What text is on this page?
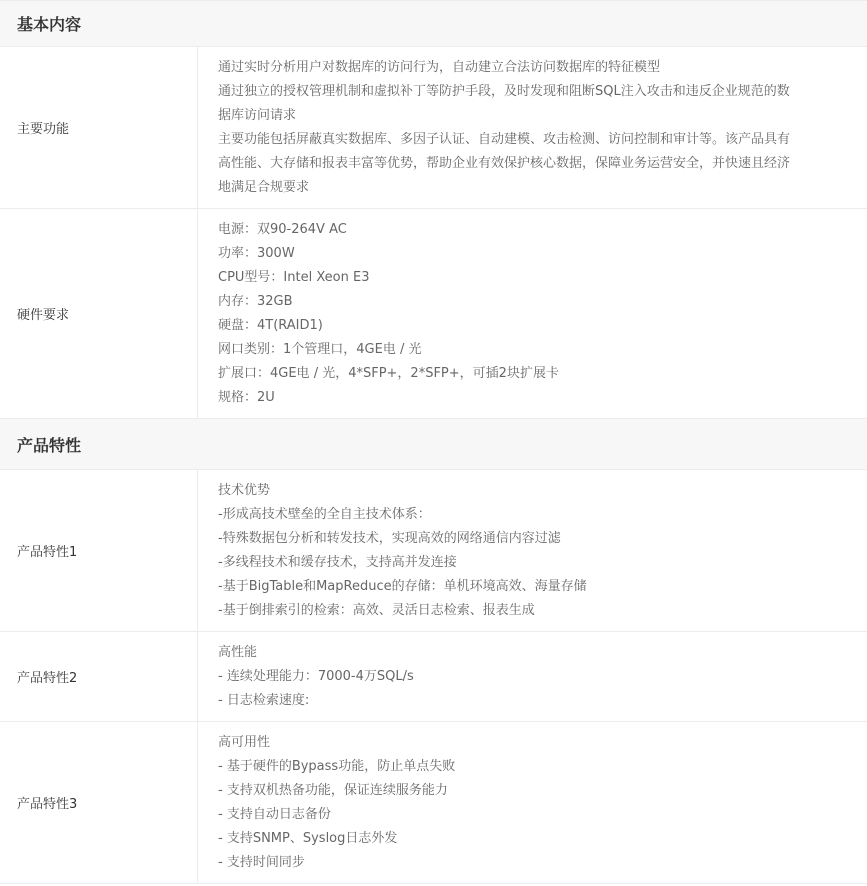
基本内容
主要功能
通过实时分析用户对数据库的访问行为，自动建立合法访问数据库的特征模型
通过独立的授权管理机制和虚拟补丁等防护手段，及时发现和阻断SQL注入攻击和违反企业规范的数
据库访问请求
主要功能包括屏蔽真实数据库、多因子认证、自动建模、攻击检测、访问控制和审计等。该产品具有
高性能、大存储和报表丰富等优势，帮助企业有效保护核心数据，保障业务运营安全，并快速且经济
地满足合规要求
硬件要求
电源：双90-264V AC
功率：300W
CPU型号：Intel Xeon E3
内存：32GB
硬盘：4T(RAID1)
网口类别：1个管理口，4GE电 / 光
扩展口：4GE电 / 光，4*SFP+，2*SFP+，可插2块扩展卡
规格：2U
产品特性
产品特性1
技术优势
-形成高技术壁垒的全自主技术体系：
-特殊数据包分析和转发技术，实现高效的网络通信内容过滤
-多线程技术和缓存技术，支持高并发连接
-基于BigTable和MapReduce的存储：单机环境高效、海量存储
-基于倒排索引的检索：高效、灵活日志检索、报表生成
产品特性2
高性能
- 连续处理能力：7000-4万SQL/s
- 日志检索速度:
产品特性3
高可用性
- 基于硬件的Bypass功能，防止单点失败
- 支持双机热备功能，保证连续服务能力
- 支持自动日志备份
- 支持SNMP、Syslog日志外发
- 支持时间同步
